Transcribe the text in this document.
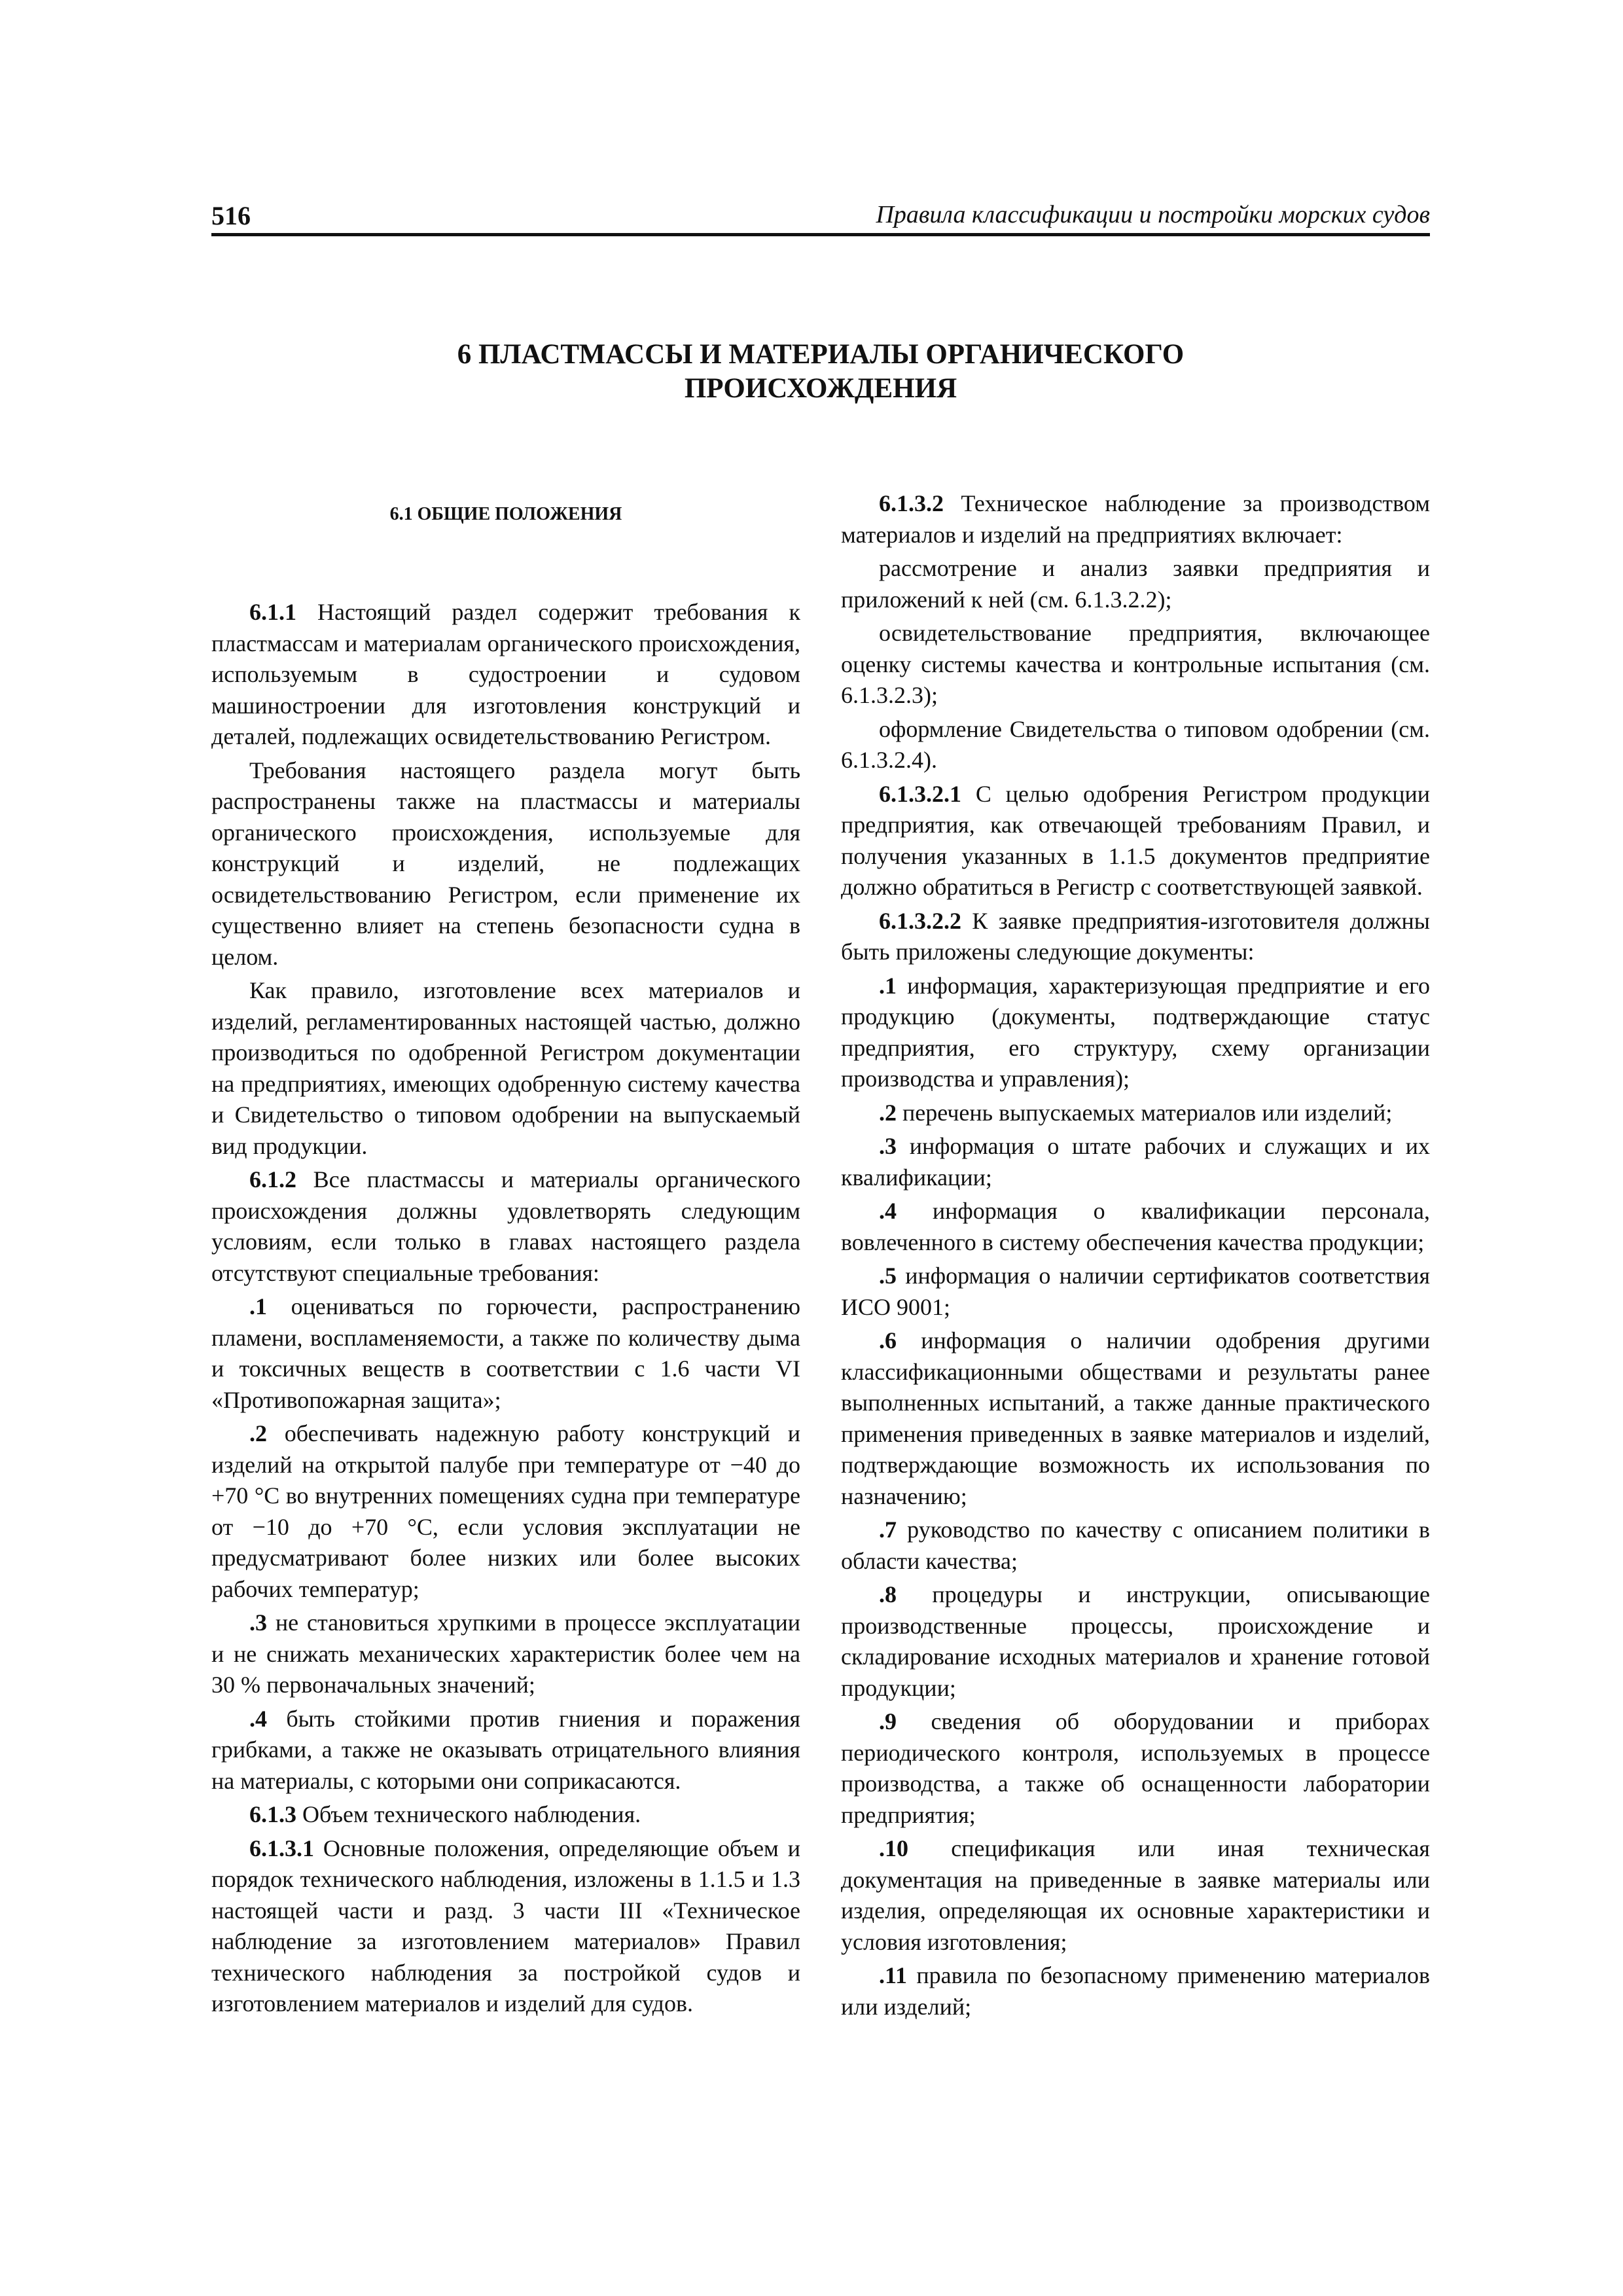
516	Правила классификации и постройки морских судов
6 ПЛАСТМАССЫ И МАТЕРИАЛЫ ОРГАНИЧЕСКОГО
ПРОИСХОЖДЕНИЯ
6.1 ОБЩИЕ ПОЛОЖЕНИЯ

6.1.1 Настоящий раздел содержит требования к пластмассам и материалам органического происхождения, используемым в судостроении и судовом машиностроении для изготовления конструкций и деталей, подлежащих освидетельствованию Регистром.

Требования настоящего раздела могут быть распространены также на пластмассы и материалы органического происхождения, используемые для конструкций и изделий, не подлежащих освидетельствованию Регистром, если применение их существенно влияет на степень безопасности судна в целом.

Как правило, изготовление всех материалов и изделий, регламентированных настоящей частью, должно производиться по одобренной Регистром документации на предприятиях, имеющих одобренную систему качества и Свидетельство о типовом одобрении на выпускаемый вид продукции.

6.1.2 Все пластмассы и материалы органического происхождения должны удовлетворять следующим условиям, если только в главах настоящего раздела отсутствуют специальные требования:

.1 оцениваться по горючести, распространению пламени, воспламеняемости, а также по количеству дыма и токсичных веществ в соответствии с 1.6 части VI «Противопожарная защита»;

.2 обеспечивать надежную работу конструкций и изделий на открытой палубе при температуре от −40 до +70 °С во внутренних помещениях судна при температуре от −10 до +70 °С, если условия эксплуатации не предусматривают более низких или более высоких рабочих температур;

.3 не становиться хрупкими в процессе эксплуатации и не снижать механических характеристик более чем на 30 % первоначальных значений;

.4 быть стойкими против гниения и поражения грибками, а также не оказывать отрицательного влияния на материалы, с которыми они соприкасаются.

6.1.3 Объем технического наблюдения.

6.1.3.1 Основные положения, определяющие объем и порядок технического наблюдения, изложены в 1.1.5 и 1.3 настоящей части и разд. 3 части III «Техническое наблюдение за изготовлением материалов» Правил технического наблюдения за постройкой судов и изготовлением материалов и изделий для судов.

6.1.3.2 Техническое наблюдение за производством материалов и изделий на предприятиях включает:

рассмотрение и анализ заявки предприятия и приложений к ней (см. 6.1.3.2.2);

освидетельствование предприятия, включающее оценку системы качества и контрольные испытания (см. 6.1.3.2.3);

оформление Свидетельства о типовом одобрении (см. 6.1.3.2.4).

6.1.3.2.1 С целью одобрения Регистром продукции предприятия, как отвечающей требованиям Правил, и получения указанных в 1.1.5 документов предприятие должно обратиться в Регистр с соответствующей заявкой.

6.1.3.2.2 К заявке предприятия-изготовителя должны быть приложены следующие документы:

.1 информация, характеризующая предприятие и его продукцию (документы, подтверждающие статус предприятия, его структуру, схему организации производства и управления);

.2 перечень выпускаемых материалов или изделий;

.3 информация о штате рабочих и служащих и их квалификации;

.4 информация о квалификации персонала, вовлеченного в систему обеспечения качества продукции;

.5 информация о наличии сертификатов соответствия ИСО 9001;

.6 информация о наличии одобрения другими классификационными обществами и результаты ранее выполненных испытаний, а также данные практического применения приведенных в заявке материалов и изделий, подтверждающие возможность их использования по назначению;

.7 руководство по качеству с описанием политики в области качества;

.8 процедуры и инструкции, описывающие производственные процессы, происхождение и складирование исходных материалов и хранение готовой продукции;

.9 сведения об оборудовании и приборах периодического контроля, используемых в процессе производства, а также об оснащенности лаборатории предприятия;

.10 спецификация или иная техническая документация на приведенные в заявке материалы или изделия, определяющая их основные характеристики и условия изготовления;

.11 правила по безопасному применению материалов или изделий;
